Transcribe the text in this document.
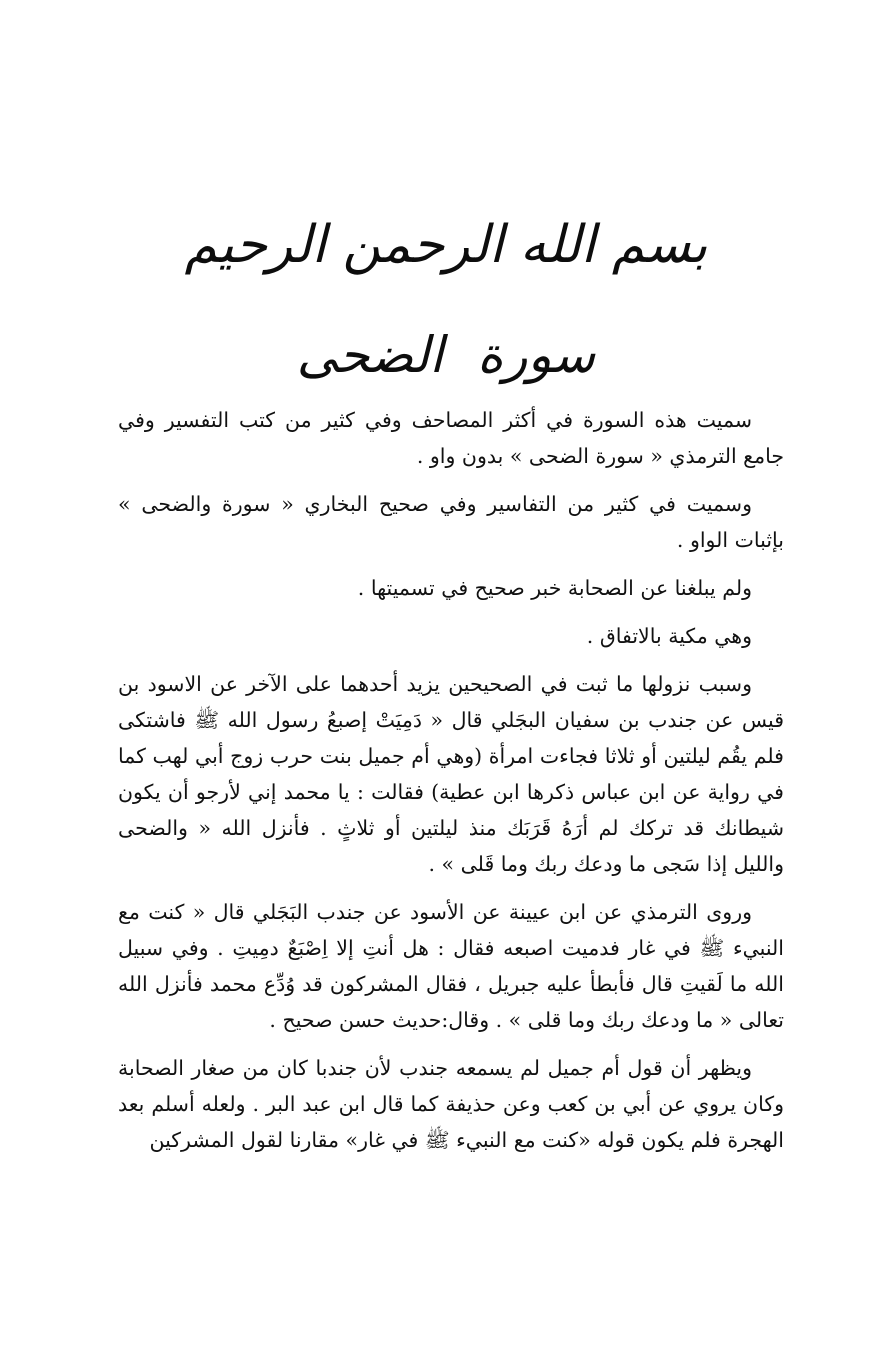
بسم الله الرحمن الرحيم
سورة الضحى

سميت هذه السورة في أكثر المصاحف وفي كثير من كتب التفسير وفي جامع الترمذي « سورة الضحى » بدون واو .

وسميت في كثير من التفاسير وفي صحيح البخاري « سورة والضحى » بإثبات الواو .

ولم يبلغنا عن الصحابة خبر صحيح في تسميتها .

وهي مكية بالاتفاق .

وسبب نزولها ما ثبت في الصحيحين يزيد أحدهما على الآخر عن الاسود بن قيس عن جندب بن سفيان البجَلي قال « دَمِيَتْ إصبعُ رسول الله ﷺ فاشتكى فلم يقُم ليلتين أو ثلاثا فجاءت امرأة (وهي أم جميل بنت حرب زوج أبي لهب كما في رواية عن ابن عباس ذكرها ابن عطية) فقالت : يا محمد إني لأرجو أن يكون شيطانك قد تركك لم أرَهُ قَرَبَك منذ ليلتين أو ثلاثٍ . فأنزل الله « والضحى والليل إذا سَجى ما ودعك ربك وما قَلى » .

وروى الترمذي عن ابن عيينة عن الأسود عن جندب البَجَلي قال « كنت مع النبيء ﷺ في غار فدميت اصبعه فقال : هل أنتِ إلا اِصْبَعٌ دمِيتِ . وفي سبيل الله ما لَقيتِ قال فأبطأ عليه جبريل ، فقال المشركون قد وُدِّع محمد فأنزل الله تعالى « ما ودعك ربك وما قلى » . وقال:حديث حسن صحيح .

ويظهر أن قول أم جميل لم يسمعه جندب لأن جندبا كان من صغار الصحابة وكان يروي عن أبي بن كعب وعن حذيفة كما قال ابن عبد البر . ولعله أسلم بعد الهجرة فلم يكون قوله «كنت مع النبيء ﷺ في غار» مقارنا لقول المشركين
